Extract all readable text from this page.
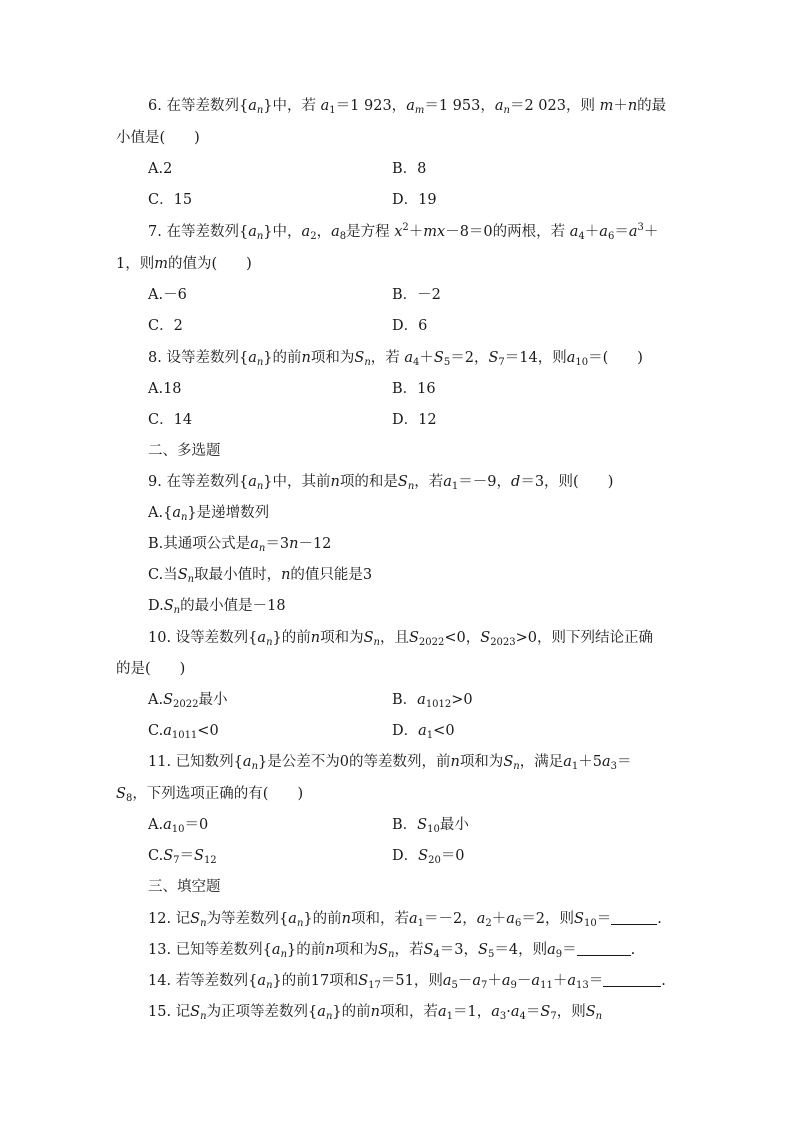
6. 在等差数列$\{a_n\}$中，若 $a_1=1$ 923，$a_m=1$ 953，$a_n=2$ 023，则 m＋n的最
小值是(　　)
A.2	B．8
C．15	D．19
7. 在等差数列$\{a_n\}$中，$a_2$，$a_8$是方程 $x^2+mx-8=0$的两根，若 $a_4+a_6=a^3+$
1，则m的值为(　　)
A.－6	B．－2
C．2	D．6
8. 设等差数列$\{a_n\}$的前n项和为$S_n$，若 $a_4+S_5=2$，$S_7=14$，则$a_{10}=$(　　)
A.18	B．16
C．14	D．12
二、多选题
9. 在等差数列$\{a_n\}$中，其前n项的和是$S_n$，若$a_1=-9$，d＝3，则(　　)
$A.\{a_n\}$是递增数列
B.其通项公式是$a_n=3n-12$
C.当$S_n$取最小值时，n的值只能是3
$D.S_n$的最小值是－18
10. 设等差数列$\{a_n\}$的前n项和为$S_n$，且$S_{2022}<0$，$S_{2023}>0$，则下列结论正确
的是(　　)
$A.S_{2022}$最小	B．$a_{1012}>0$
$C.a_{1011}<0$	D．$a_1<0$
11. 已知数列$\{a_n\}$是公差不为0的等差数列，前n项和为$S_n$，满足$a_1+5a_3=$
$S_8$，下列选项正确的有(　　)
$A.a_{10}=0$	B．$S_{10}$最小
$C.S_7=S_{12}$	D．$S_{20}=0$
三、填空题
12. 记$S_n$为等差数列$\{a_n\}$的前n项和，若$a_1=-2$，$a_2+a_6=2$，则$S_{10}=$	.
13. 已知等差数列$\{a_n\}$的前n项和为$S_n$，若$S_4=3$，$S_5=4$，则$a_9=$	.
14. 若等差数列$\{a_n\}$的前17项和$S_{17}=51$，则$a_5-a_7+a_9-a_{11}+a_{13}=$	.
15. 记$S_n$为正项等差数列$\{a_n\}$的前n项和，若$a_1=1$，$a_3\cdot a_4=S_7$，则$S_n$
